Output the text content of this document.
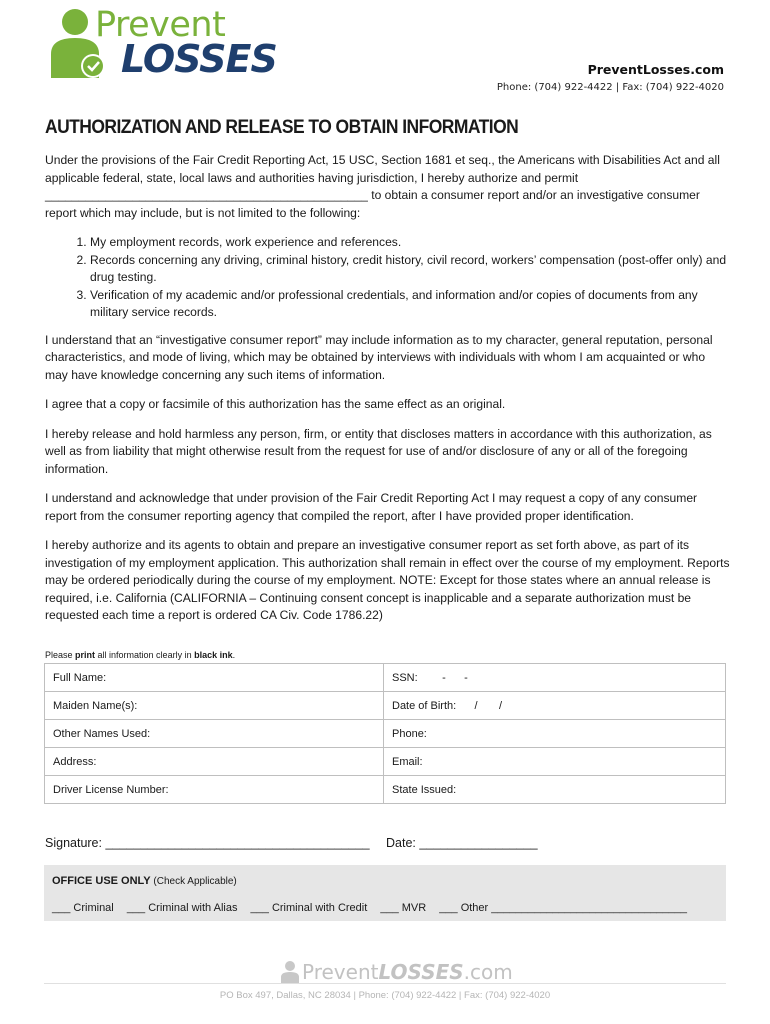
Prevent
LOSSES	PreventLosses.com
Phone: (704) 922-4422 | Fax: (704) 922-4020
AUTHORIZATION AND RELEASE TO OBTAIN INFORMATION

Under the provisions of the Fair Credit Reporting Act, 15 USC, Section 1681 et seq., the Americans with Disabilities Act and all applicable federal, state, local laws and authorities having jurisdiction, I hereby authorize and permit ________________________________________________ to obtain a consumer report and/or an investigative consumer report which may include, but is not limited to the following:

1. My employment records, work experience and references.
2. Records concerning any driving, criminal history, credit history, civil record, workers’ compensation (post-offer only) and drug testing.
3. Verification of my academic and/or professional credentials, and information and/or copies of documents from any military service records.

I understand that an “investigative consumer report” may include information as to my character, general reputation, personal characteristics, and mode of living, which may be obtained by interviews with individuals with whom I am acquainted or who may have knowledge concerning any such items of information.

I agree that a copy or facsimile of this authorization has the same effect as an original.

I hereby release and hold harmless any person, firm, or entity that discloses matters in accordance with this authorization, as well as from liability that might otherwise result from the request for use of and/or disclosure of any or all of the foregoing information.

I understand and acknowledge that under provision of the Fair Credit Reporting Act I may request a copy of any consumer report from the consumer reporting agency that compiled the report, after I have provided proper identification.

I hereby authorize and its agents to obtain and prepare an investigative consumer report as set forth above, as part of its investigation of my employment application. This authorization shall remain in effect over the course of my employment. Reports may be ordered periodically during the course of my employment. NOTE: Except for those states where an annual release is required, i.e. California (CALIFORNIA – Continuing consent concept is inapplicable and a separate authorization must be requested each time a report is ordered CA Civ. Code 1786.22)

Please print all information clearly in black ink.
Full Name:	SSN:        -      -
Maiden Name(s):	Date of Birth:      /       /
Other Names Used:	Phone:
Address:	Email:
Driver License Number:	State Issued:
Signature: ______________________________________ Date: _________________
OFFICE USE ONLY (Check Applicable)
___ Criminal ___ Criminal with Alias ___ Criminal with Credit ___ MVR ___ Other ________________________________
PreventLOSSES.com
PO Box 497, Dallas, NC 28034 | Phone: (704) 922-4422 | Fax: (704) 922-4020
